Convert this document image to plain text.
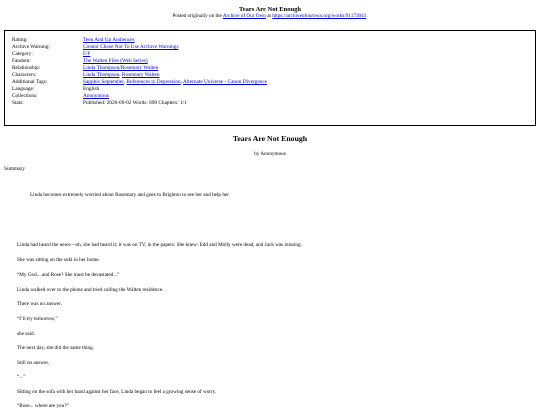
Tears Are Not Enough
Posted originally on the Archive of Our Own at https://archiveofourown.org/works/91173041.
Rating:	Teen And Up Audiences
Archive Warning:	Creator Chose Not To Use Archive Warnings
Category:	F/F
Fandom:	The Walten Files (Web Series)
Relationship:	Linda Thompson/Rosemary Walten
Characters:	Linda Thompson, Rosemary Walten
Additional Tags:	Sapphic September, References to Depression, Alternate Universe - Canon Divergence
Language:	English
Collections:	Anonymous
Stats:	Published: 2026-09-02 Words: 698 Chapters: 1/1
Tears Are Not Enough
by Anonymous
Summary
Linda becomes extremely worried about Rosemary and goes to Brighton to see her and help her
Linda had heard the news—oh, she had heard it; it was on TV, in the papers. She knew: Edd and Molly were dead, and Jack was missing.
She was sitting on the sofa in her home.
“My God... and Rose? She must be devastated...”
Linda walked over to the phone and tried calling the Walten residence.
There was no answer.
“I’ll try tomorrow,”
she said.
The next day, she did the same thing.
Still no answer.
“...”
Sitting on the sofa with her hand against her face, Linda began to feel a growing sense of worry.
“Rose... where are you?”
